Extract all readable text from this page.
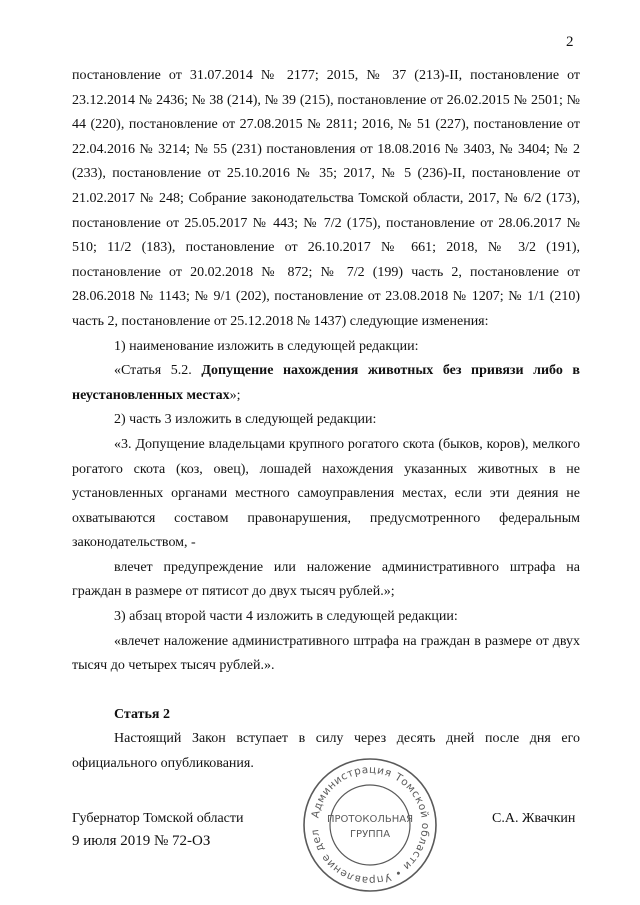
2

постановление от 31.07.2014 № 2177; 2015, № 37 (213)-II, постановление от 23.12.2014 № 2436; № 38 (214), № 39 (215), постановление от 26.02.2015 № 2501; № 44 (220), постановление от 27.08.2015 № 2811; 2016, № 51 (227), постановление от 22.04.2016 № 3214; № 55 (231) постановления от 18.08.2016 № 3403, № 3404; № 2 (233), постановление от 25.10.2016 № 35; 2017, № 5 (236)-II, постановление от 21.02.2017 № 248; Собрание законодательства Томской области, 2017, № 6/2 (173), постановление от 25.05.2017 № 443; № 7/2 (175), постановление от 28.06.2017 № 510; 11/2 (183), постановление от 26.10.2017 № 661; 2018, № 3/2 (191), постановление от 20.02.2018 № 872; № 7/2 (199) часть 2, постановление от 28.06.2018 № 1143; № 9/1 (202), постановление от 23.08.2018 № 1207; № 1/1 (210) часть 2, постановление от 25.12.2018 № 1437) следующие изменения:

1) наименование изложить в следующей редакции:

«Статья 5.2. Допущение нахождения животных без привязи либо в неустановленных местах»;

2) часть 3 изложить в следующей редакции:

«3. Допущение владельцами крупного рогатого скота (быков, коров), мелкого рогатого скота (коз, овец), лошадей нахождения указанных животных в не установленных органами местного самоуправления местах, если эти деяния не охватываются составом правонарушения, предусмотренного федеральным законодательством, -

влечет предупреждение или наложение административного штрафа на граждан в размере от пятисот до двух тысяч рублей.»;

3) абзац второй части 4 изложить в следующей редакции:

«влечет наложение административного штрафа на граждан в размере от двух тысяч до четырех тысяч рублей.».

Статья 2

Настоящий Закон вступает в силу через десять дней после дня его официального опубликования.

Губернатор Томской области
9 июля 2019 № 72-ОЗ
С.А. Жвачкин
Администрация Томской области • Управление дел
ПРОТОКОЛЬНАЯ
ГРУППА
